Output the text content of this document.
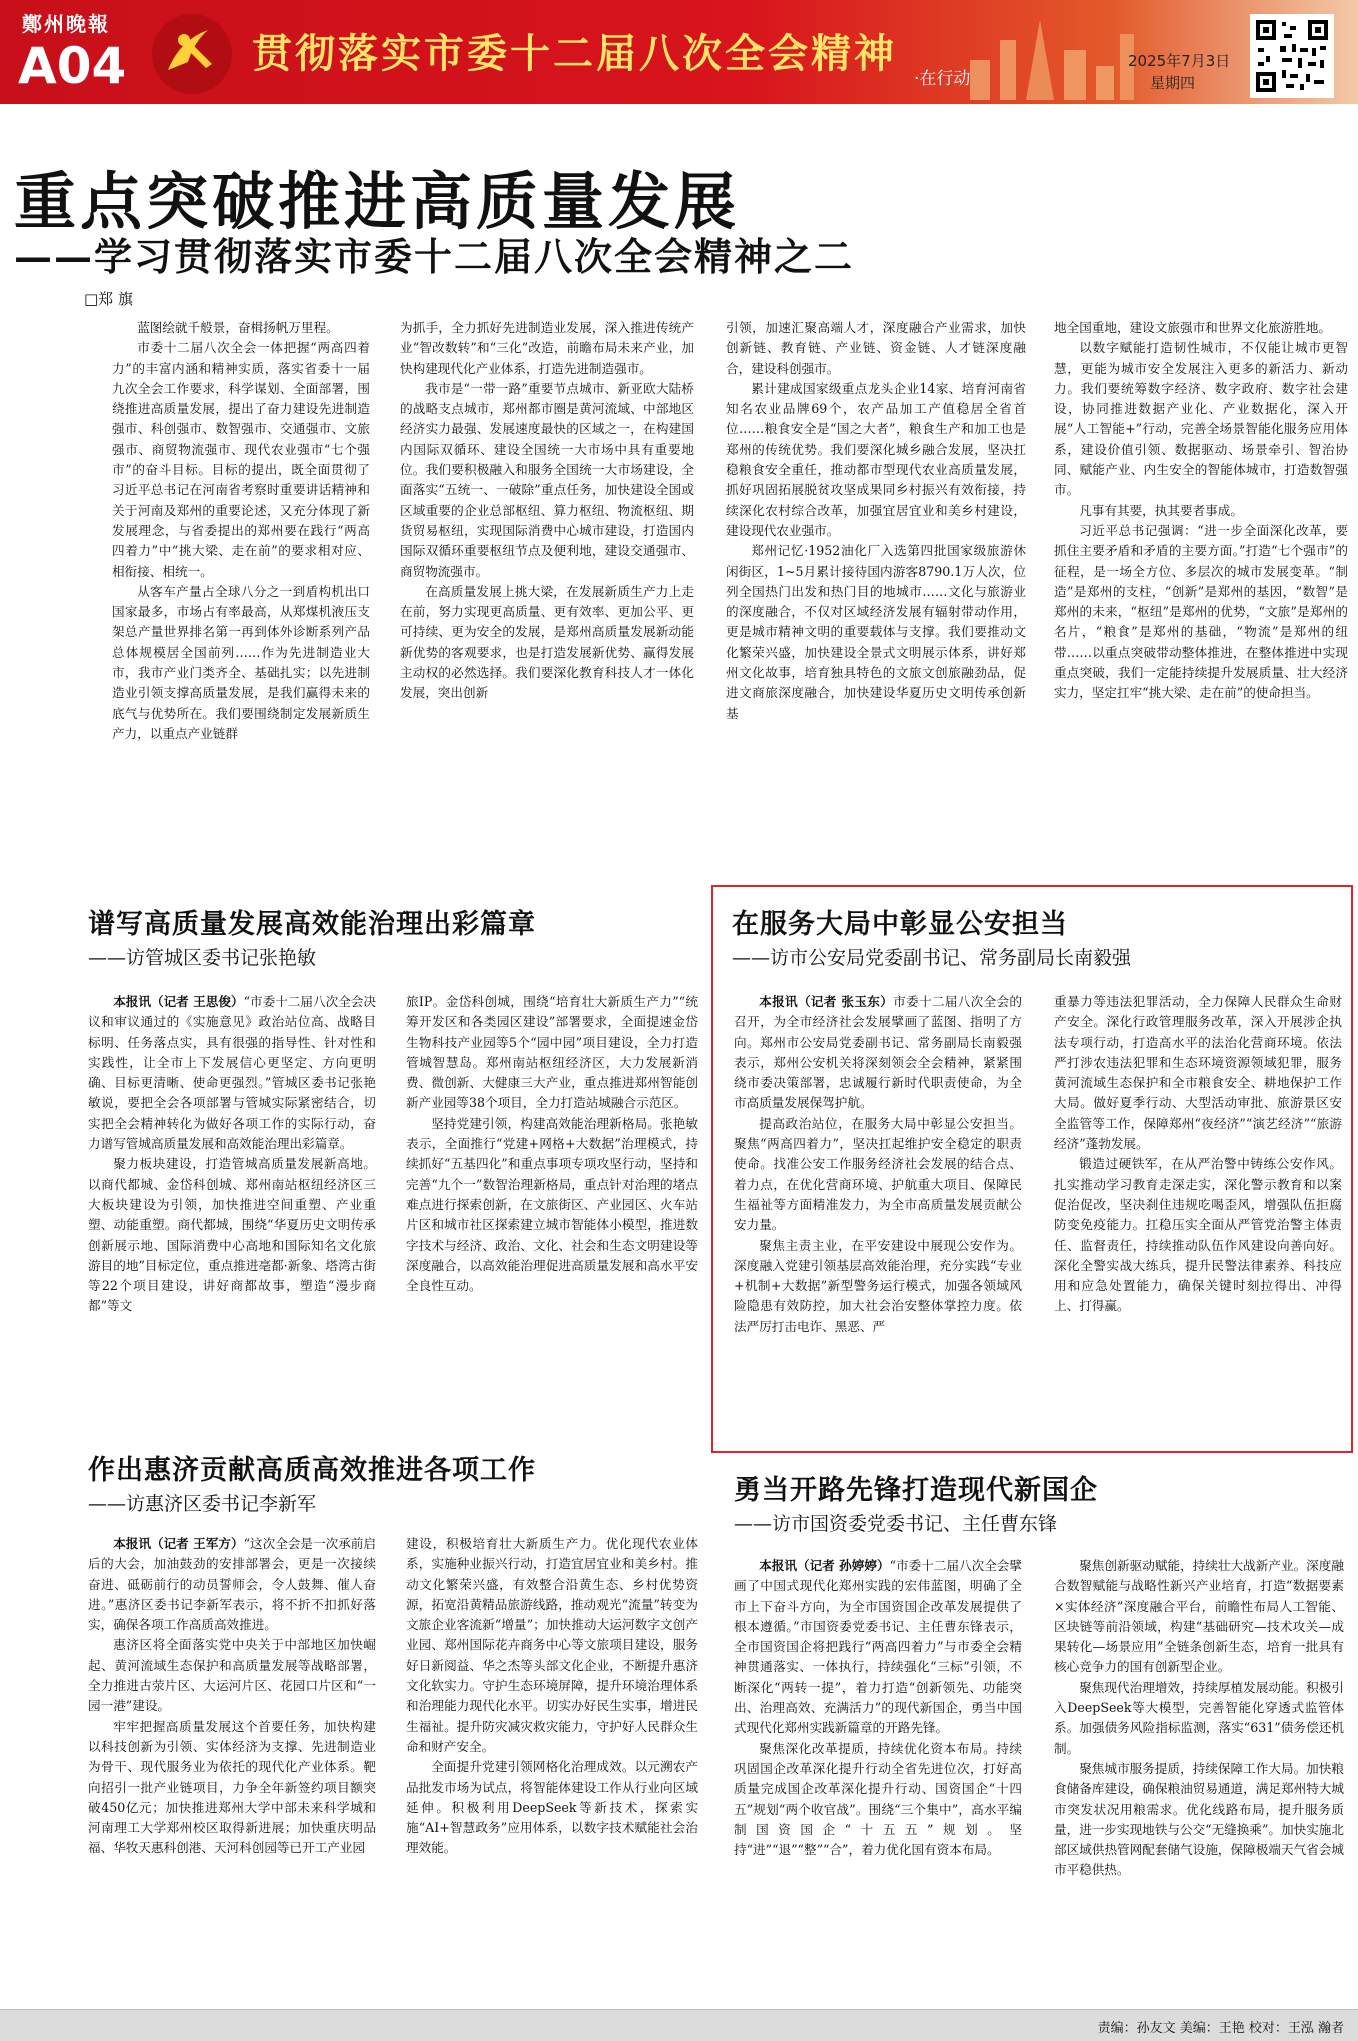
鄭州晚報
A04	贯彻落实市委十二届八次全会精神
·在行动
2025年7月3日
星期四
重点突破推进高质量发展
——学习贯彻落实市委十二届八次全会精神之二
□郑 旗

蓝图绘就千般景，奋楫扬帆万里程。

市委十二届八次全会一体把握“两高四着力”的丰富内涵和精神实质，落实省委十一届九次全会工作要求，科学谋划、全面部署，围绕推进高质量发展，提出了奋力建设先进制造强市、科创强市、数智强市、交通强市、文旅强市、商贸物流强市、现代农业强市“七个强市”的奋斗目标。目标的提出，既全面贯彻了习近平总书记在河南省考察时重要讲话精神和关于河南及郑州的重要论述，又充分体现了新发展理念，与省委提出的郑州要在践行“两高四着力”中“挑大梁、走在前”的要求相对应、相衔接、相统一。

从客车产量占全球八分之一到盾构机出口国家最多，市场占有率最高，从郑煤机液压支架总产量世界排名第一再到体外诊断系列产品总体规模居全国前列……作为先进制造业大市，我市产业门类齐全、基础扎实；以先进制造业引领支撑高质量发展，是我们赢得未来的底气与优势所在。我们要围绕制定发展新质生产力，以重点产业链群

为抓手，全力抓好先进制造业发展，深入推进传统产业“智改数转”和“三化”改造，前瞻布局未来产业，加快构建现代化产业体系，打造先进制造强市。

我市是“一带一路”重要节点城市、新亚欧大陆桥的战略支点城市，郑州都市圈是黄河流域、中部地区经济实力最强、发展速度最快的区域之一，在构建国内国际双循环、建设全国统一大市场中具有重要地位。我们要积极融入和服务全国统一大市场建设，全面落实“五统一、一破除”重点任务，加快建设全国或区域重要的企业总部枢纽、算力枢纽、物流枢纽、期货贸易枢纽，实现国际消费中心城市建设，打造国内国际双循环重要枢纽节点及便利地，建设交通强市、商贸物流强市。

在高质量发展上挑大梁，在发展新质生产力上走在前，努力实现更高质量、更有效率、更加公平、更可持续、更为安全的发展，是郑州高质量发展新动能新优势的客观要求，也是打造发展新优势、赢得发展主动权的必然选择。我们要深化教育科技人才一体化发展，突出创新

引领，加速汇聚高端人才，深度融合产业需求，加快创新链、教育链、产业链、资金链、人才链深度融合，建设科创强市。

累计建成国家级重点龙头企业14家、培育河南省知名农业品牌69个，农产品加工产值稳居全省首位……粮食安全是“国之大者”，粮食生产和加工也是郑州的传统优势。我们要深化城乡融合发展，坚决扛稳粮食安全重任，推动都市型现代农业高质量发展，抓好巩固拓展脱贫攻坚成果同乡村振兴有效衔接，持续深化农村综合改革，加强宜居宜业和美乡村建设，建设现代农业强市。

郑州记忆·1952油化厂入选第四批国家级旅游休闲街区，1~5月累计接待国内游客8790.1万人次，位列全国热门出发和热门目的地城市……文化与旅游业的深度融合，不仅对区域经济发展有辐射带动作用，更是城市精神文明的重要载体与支撑。我们要推动文化繁荣兴盛，加快建设全景式文明展示体系，讲好郑州文化故事，培育独具特色的文旅文创旅融劲品，促进文商旅深度融合，加快建设华夏历史文明传承创新基

地全国重地，建设文旅强市和世界文化旅游胜地。

以数字赋能打造韧性城市，不仅能让城市更智慧，更能为城市安全发展注入更多的新活力、新动力。我们要统筹数字经济、数字政府、数字社会建设，协同推进数据产业化、产业数据化，深入开展“人工智能+”行动，完善全场景智能化服务应用体系，建设价值引领、数据驱动、场景牵引、智治协同、赋能产业、内生安全的智能体城市，打造数智强市。

凡事有其要，执其要者事成。

习近平总书记强调：“进一步全面深化改革，要抓住主要矛盾和矛盾的主要方面。”打造“七个强市”的征程，是一场全方位、多层次的城市发展变革。“制造”是郑州的支柱，“创新”是郑州的基因，“数智”是郑州的未来，“枢纽”是郑州的优势，“文旅”是郑州的名片，“粮食”是郑州的基础，“物流”是郑州的纽带……以重点突破带动整体推进，在整体推进中实现重点突破，我们一定能持续提升发展质量、壮大经济实力，坚定扛牢“挑大梁、走在前”的使命担当。

谱写高质量发展高效能治理出彩篇章
——访管城区委书记张艳敏

本报讯（记者 王思俊）“市委十二届八次全会决议和审议通过的《实施意见》政治站位高、战略目标明、任务落点实，具有很强的指导性、针对性和实践性，让全市上下发展信心更坚定、方向更明确、目标更清晰、使命更强烈。”管城区委书记张艳敏说，要把全会各项部署与管城实际紧密结合，切实把全会精神转化为做好各项工作的实际行动，奋力谱写管城高质量发展和高效能治理出彩篇章。

聚力板块建设，打造管城高质量发展新高地。以商代都城、金岱科创城、郑州南站枢纽经济区三大板块建设为引领，加快推进空间重塑、产业重塑、动能重塑。商代都城，围绕“华夏历史文明传承创新展示地、国际消费中心高地和国际知名文化旅游目的地”目标定位，重点推进亳都·新象、塔湾古街等22个项目建设，讲好商都故事，塑造“漫步商都”等文

旅IP。金岱科创城，围绕“培育壮大新质生产力”“统筹开发区和各类园区建设”部署要求，全面提速金岱生物科技产业园等5个“园中园”项目建设，全力打造管城智慧岛。郑州南站枢纽经济区，大力发展新消费、微创新、大健康三大产业，重点推进郑州智能创新产业园等38个项目，全力打造站城融合示范区。

坚持党建引领，构建高效能治理新格局。张艳敏表示，全面推行“党建+网格+大数据”治理模式，持续抓好“五基四化”和重点事项专项攻坚行动，坚持和完善“九个一”数智治理新格局，重点针对治理的堵点难点进行探索创新，在文旅街区、产业园区、火车站片区和城市社区探索建立城市智能体小模型，推进数字技术与经济、政治、文化、社会和生态文明建设等深度融合，以高效能治理促进高质量发展和高水平安全良性互动。

在服务大局中彰显公安担当
——访市公安局党委副书记、常务副局长南毅强

本报讯（记者 张玉东）市委十二届八次全会的召开，为全市经济社会发展擘画了蓝图、指明了方向。郑州市公安局党委副书记、常务副局长南毅强表示，郑州公安机关将深刻领会全会精神，紧紧围绕市委决策部署，忠诚履行新时代职责使命，为全市高质量发展保驾护航。

提高政治站位，在服务大局中彰显公安担当。聚焦“两高四着力”，坚决扛起维护安全稳定的职责使命。找准公安工作服务经济社会发展的结合点、着力点，在优化营商环境、护航重大项目、保障民生福祉等方面精准发力，为全市高质量发展贡献公安力量。

聚焦主责主业，在平安建设中展现公安作为。深度融入党建引领基层高效能治理，充分实践“专业+机制+大数据”新型警务运行模式，加强各领域风险隐患有效防控，加大社会治安整体掌控力度。依法严厉打击电诈、黑恶、严

重暴力等违法犯罪活动，全力保障人民群众生命财产安全。深化行政管理服务改革，深入开展涉企执法专项行动，打造高水平的法治化营商环境。依法严打涉农违法犯罪和生态环境资源领域犯罪，服务黄河流域生态保护和全市粮食安全、耕地保护工作大局。做好夏季行动、大型活动审批、旅游景区安全监管等工作，保障郑州“夜经济”“演艺经济”“旅游经济”蓬勃发展。

锻造过硬铁军，在从严治警中铸练公安作风。扎实推动学习教育走深走实，深化警示教育和以案促治促改，坚决刹住违规吃喝歪风，增强队伍拒腐防变免疫能力。扛稳压实全面从严管党治警主体责任、监督责任，持续推动队伍作风建设向善向好。深化全警实战大练兵，提升民警法律素养、科技应用和应急处置能力，确保关键时刻拉得出、冲得上、打得赢。

作出惠济贡献高质高效推进各项工作
——访惠济区委书记李新军

本报讯（记者 王军方）“这次全会是一次承前启后的大会，加油鼓劲的安排部署会，更是一次接续奋进、砥砺前行的动员誓师会，令人鼓舞、催人奋进。”惠济区委书记李新军表示，将不折不扣抓好落实，确保各项工作高质高效推进。

惠济区将全面落实党中央关于中部地区加快崛起、黄河流域生态保护和高质量发展等战略部署，全力推进古荥片区、大运河片区、花园口片区和“一园一港”建设。

牢牢把握高质量发展这个首要任务，加快构建以科技创新为引领、实体经济为支撑、先进制造业为骨干、现代服务业为依托的现代化产业体系。靶向招引一批产业链项目，力争全年新签约项目额突破450亿元；加快推进郑州大学中部未来科学城和河南理工大学郑州校区取得新进展；加快重庆明品福、华牧天惠科创港、天河科创园等已开工产业园

建设，积极培育壮大新质生产力。优化现代农业体系，实施种业振兴行动，打造宜居宜业和美乡村。推动文化繁荣兴盛，有效整合沿黄生态、乡村优势资源，拓宽沿黄精品旅游线路，推动观光“流量”转变为文旅企业客流新“增量”；加快推动大运河数字文创产业园、郑州国际花卉商务中心等文旅项目建设，服务好日新阅益、华之杰等头部文化企业，不断提升惠济文化软实力。守护生态环境屏障，提升环境治理体系和治理能力现代化水平。切实办好民生实事，增进民生福祉。提升防灾减灾救灾能力，守护好人民群众生命和财产安全。

全面提升党建引领网格化治理成效。以元溯农产品批发市场为试点，将智能体建设工作从行业向区域延伸。积极利用DeepSeek等新技术，探索实施“AI+智慧政务”应用体系，以数字技术赋能社会治理效能。

勇当开路先锋打造现代新国企
——访市国资委党委书记、主任曹东锋

本报讯（记者 孙婷婷）“市委十二届八次全会擘画了中国式现代化郑州实践的宏伟蓝图，明确了全市上下奋斗方向，为全市国资国企改革发展提供了根本遵循。”市国资委党委书记、主任曹东锋表示，全市国资国企将把践行“两高四着力”与市委全会精神贯通落实、一体执行，持续强化“三标”引领，不断深化“两转一提”，着力打造“创新领先、功能突出、治理高效、充满活力”的现代新国企，勇当中国式现代化郑州实践新篇章的开路先锋。

聚焦深化改革提质，持续优化资本布局。持续巩固国企改革深化提升行动全省先进位次，打好高质量完成国企改革深化提升行动、国资国企“十四五”规划“两个收官战”。围绕“三个集中”，高水平编制国资国企“十五五”规划。坚持“进”“退”“整”“合”，着力优化国有资本布局。

聚焦创新驱动赋能，持续壮大战新产业。深度融合数智赋能与战略性新兴产业培育，打造“数据要素×实体经济”深度融合平台，前瞻性布局人工智能、区块链等前沿领域，构建“基础研究—技术攻关—成果转化—场景应用”全链条创新生态，培育一批具有核心竞争力的国有创新型企业。

聚焦现代治理增效，持续厚植发展动能。积极引入DeepSeek等大模型，完善智能化穿透式监管体系。加强债务风险指标监测，落实“631”债务偿还机制。

聚焦城市服务提质，持续保障工作大局。加快粮食储备库建设，确保粮油贸易通道，满足郑州特大城市突发状况用粮需求。优化线路布局，提升服务质量，进一步实现地铁与公交“无缝换乘”。加快实施北部区域供热管网配套储气设施，保障极端天气省会城市平稳供热。

责编：孙友文 美编：王艳 校对：王泓 瀚者
